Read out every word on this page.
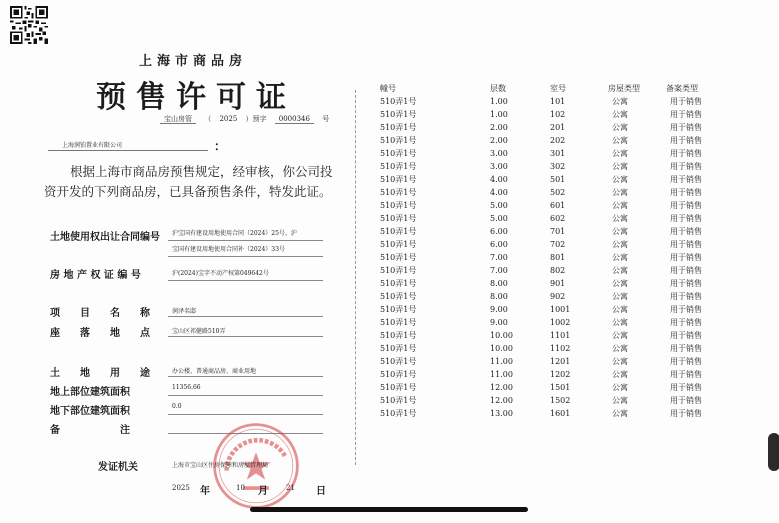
上海市商品房
预售许可证
宝山房管 （ 2025 ）预字 0000346 号
上海润铂置业有限公司	：
根据上海市商品房预售规定，经审核，你公司投
资开发的下列商品房，已具备预售条件，特发此证。
土地使用权出让合同编号 沪宝国有建设用地使用合同（2024）25号、沪
宝国有建设用地使用合同补（2024）33号
房 地 产 权 证 编 号	沪(2024)宝字不动产权第049642号
项　　目　　名　　称	润泽名邸
座　　落　　地　　点	宝山区祁健路510弄
土　　地　　用　　途	办公楼、普通商品房、商业用地
地上部位建筑面积	11356.66
地下部位建筑面积	0.0
备　　　　　　注
发证机关	上海市宝山区住房保障和房屋管理局
2025 年	10 月	21 日
幢号	层数	室号	房屋类型	备案类型
510弄1号	1.00	101	公寓	用于销售
510弄1号	1.00	102	公寓	用于销售
510弄1号	2.00	201	公寓	用于销售
510弄1号	2.00	202	公寓	用于销售
510弄1号	3.00	301	公寓	用于销售
510弄1号	3.00	302	公寓	用于销售
510弄1号	4.00	501	公寓	用于销售
510弄1号	4.00	502	公寓	用于销售
510弄1号	5.00	601	公寓	用于销售
510弄1号	5.00	602	公寓	用于销售
510弄1号	6.00	701	公寓	用于销售
510弄1号	6.00	702	公寓	用于销售
510弄1号	7.00	801	公寓	用于销售
510弄1号	7.00	802	公寓	用于销售
510弄1号	8.00	901	公寓	用于销售
510弄1号	8.00	902	公寓	用于销售
510弄1号	9.00	1001	公寓	用于销售
510弄1号	9.00	1002	公寓	用于销售
510弄1号	10.00	1101	公寓	用于销售
510弄1号	10.00	1102	公寓	用于销售
510弄1号	11.00	1201	公寓	用于销售
510弄1号	11.00	1202	公寓	用于销售
510弄1号	12.00	1501	公寓	用于销售
510弄1号	12.00	1502	公寓	用于销售
510弄1号	13.00	1601	公寓	用于销售
